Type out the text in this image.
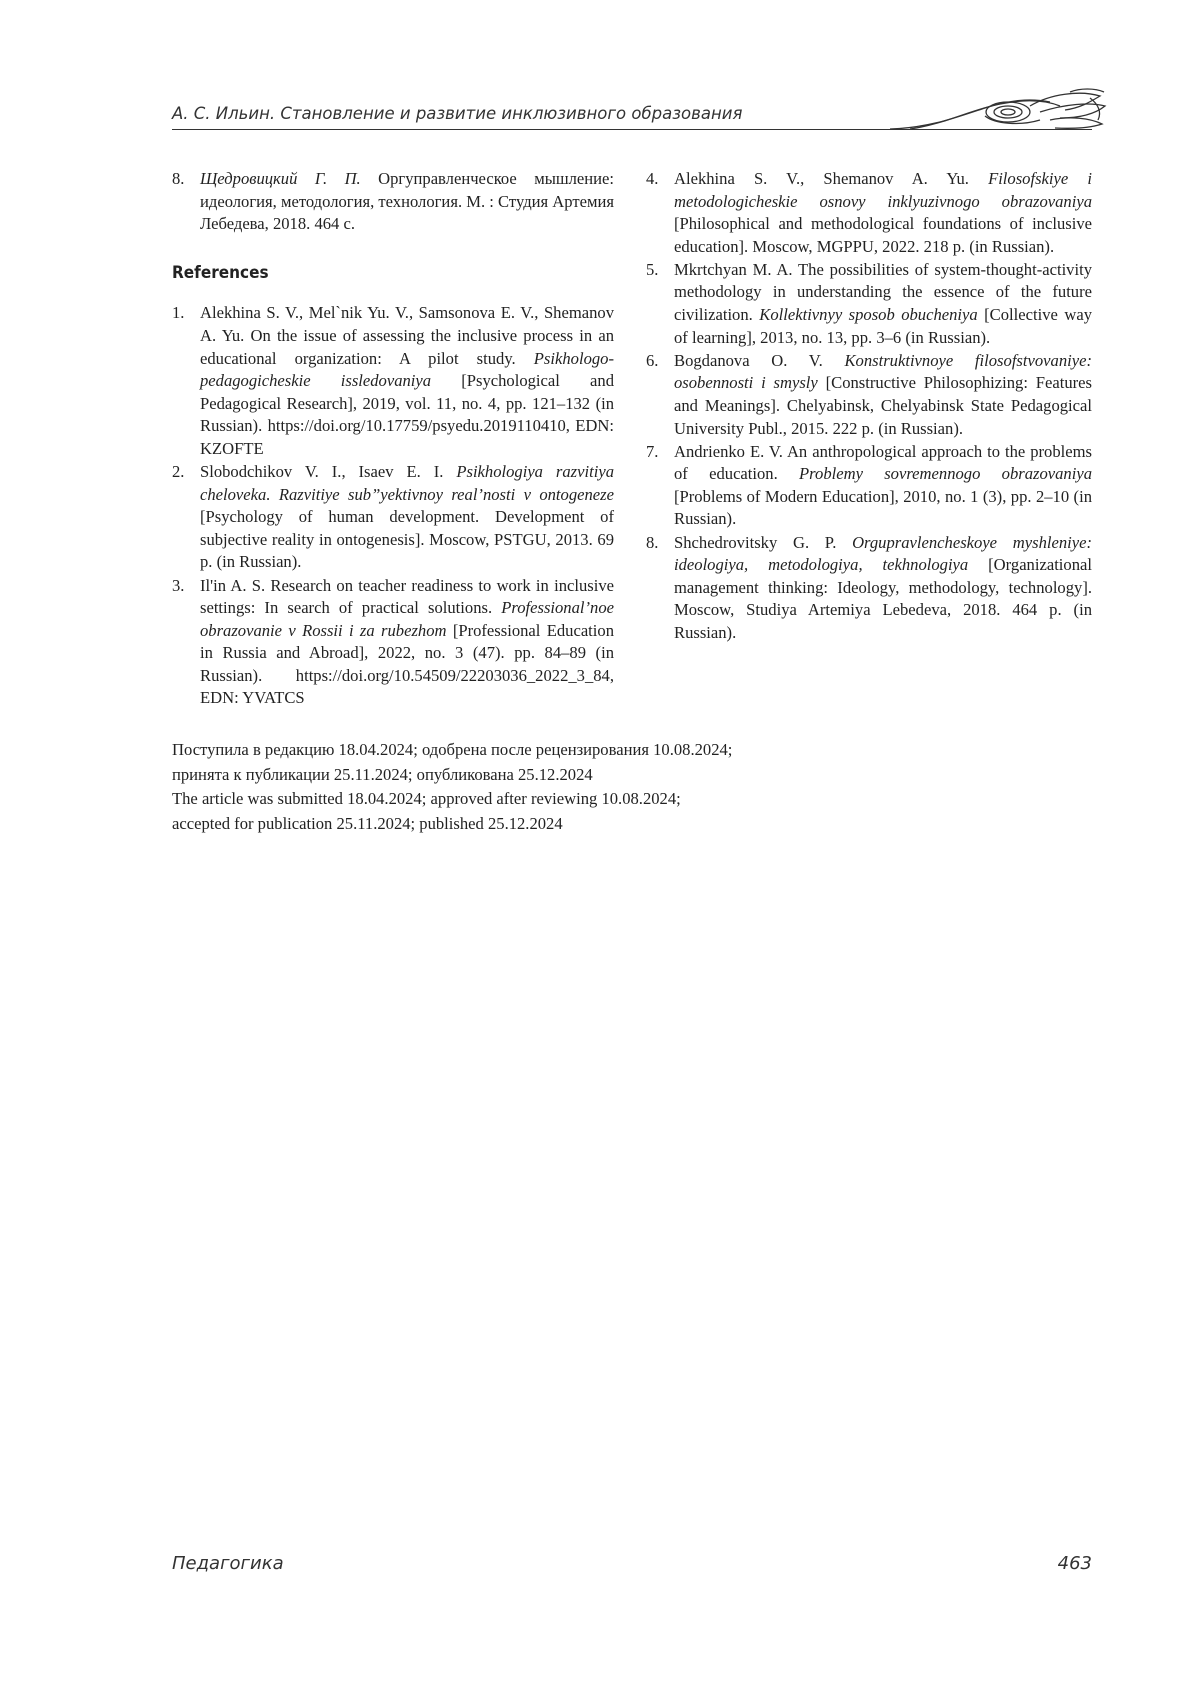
А. С. Ильин. Становление и развитие инклюзивного образования
8. Щедровицкий Г. П. Оргуправленческое мышление: идеология, методология, технология. М. : Студия Артемия Лебедева, 2018. 464 с.
References
1. Alekhina S. V., Mel`nik Yu. V., Samsonova E. V., Shemanov A. Yu. On the issue of assessing the inclusive process in an educational organization: A pilot study. Psikhologo-pedagogicheskie issledovaniya [Psychological and Pedagogical Research], 2019, vol. 11, no. 4, pp. 121–132 (in Russian). https://doi.org/10.17759/psyedu.2019110410, EDN: KZOFTE
2. Slobodchikov V. I., Isaev E. I. Psikhologiya razvitiya cheloveka. Razvitiye sub”yektivnoy real’nosti v ontogeneze [Psychology of human development. Development of subjective reality in ontogenesis]. Moscow, PSTGU, 2013. 69 p. (in Russian).
3. Il'in A. S. Research on teacher readiness to work in inclusive settings: In search of practical solutions. Professional’noe obrazovanie v Rossii i za rubezhom [Professional Education in Russia and Abroad], 2022, no. 3 (47). pp. 84–89 (in Russian). https://doi.org/10.54509/22203036_2022_3_84, EDN: YVATCS
4. Alekhina S. V., Shemanov A. Yu. Filosofskiye i metodologicheskie osnovy inklyuzivnogo obrazovaniya [Philosophical and methodological foundations of inclusive education]. Moscow, MGPPU, 2022. 218 p. (in Russian).
5. Mkrtchyan M. A. The possibilities of system-thought-activity methodology in understanding the essence of the future civilization. Kollektivnyy sposob obucheniya [Collective way of learning], 2013, no. 13, pp. 3–6 (in Russian).
6. Bogdanova O. V. Konstruktivnoye filosofstvovaniye: osobennosti i smysly [Constructive Philosophizing: Features and Meanings]. Chelyabinsk, Chelyabinsk State Pedagogical University Publ., 2015. 222 p. (in Russian).
7. Andrienko E. V. An anthropological approach to the problems of education. Problemy sovremennogo obrazovaniya [Problems of Modern Education], 2010, no. 1 (3), pp. 2–10 (in Russian).
8. Shchedrovitsky G. P. Orgupravlencheskoye myshleniye: ideologiya, metodologiya, tekhnologiya [Organizational management thinking: Ideology, methodology, technology]. Moscow, Studiya Artemiya Lebedeva, 2018. 464 p. (in Russian).
Поступила в редакцию 18.04.2024; одобрена после рецензирования 10.08.2024;
принята к публикации 25.11.2024; опубликована 25.12.2024
The article was submitted 18.04.2024; approved after reviewing 10.08.2024;
accepted for publication 25.11.2024; published 25.12.2024
Педагогика	463
